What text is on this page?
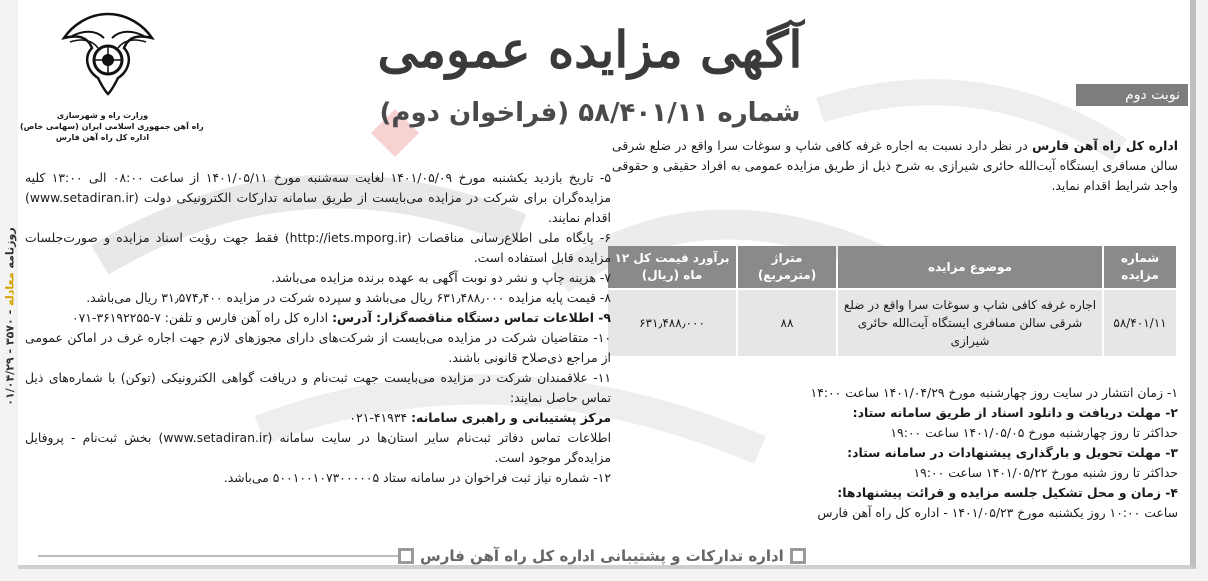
وزارت راه و شهرسازی
راه آهن جمهوری اسلامی ایران (سهامی خاص)
اداره کل راه آهن فارس
آگهی مزایده عمومی
شماره ۵۸/۴۰۱/۱۱ (فراخوان دوم)
نوبت دوم
روزنامه معادله - ۳۵۷۰ - ۰۱/۰۴/۲۹

اداره کل راه آهن فارس در نظر دارد نسبت به اجاره غرفه کافی شاپ و سوغات سرا واقع در ضلع شرقی سالن مسافری ایستگاه آیت‌الله حائری شیرازی به شرح ذیل از طریق مزایده عمومی به افراد حقیقی و حقوقی واجد شرایط اقدام نماید.

شماره مزایده	موضوع مزایده	متراژ (مترمربع)	برآورد قیمت کل ۱۲ ماه (ریال)
۵۸/۴۰۱/۱۱	اجاره غرفه کافی شاپ و سوغات سرا واقع در ضلع شرقی سالن مسافری ایستگاه آیت‌الله حائری شیرازی	۸۸	۶۳۱٫۴۸۸٫۰۰۰

۱- زمان انتشار در سایت روز چهارشنبه مورخ ۱۴۰۱/۰۴/۲۹ ساعت ۱۴:۰۰

۲- مهلت دریافت و دانلود اسناد از طریق سامانه ستاد:

حداکثر تا روز چهارشنبه مورخ ۱۴۰۱/۰۵/۰۵ ساعت ۱۹:۰۰

۳- مهلت تحویل و بارگذاری پیشنهادات در سامانه ستاد:

حداکثر تا روز شنبه مورخ ۱۴۰۱/۰۵/۲۲ ساعت ۱۹:۰۰

۴- زمان و محل تشکیل جلسه مزایده و قرائت پیشنهادها:

ساعت ۱۰:۰۰ روز یکشنبه مورخ ۱۴۰۱/۰۵/۲۳ - اداره کل راه آهن فارس

۵- تاریخ بازدید یکشنبه مورخ ۱۴۰۱/۰۵/۰۹ لغایت سه‌شنبه مورخ ۱۴۰۱/۰۵/۱۱ از ساعت ۰۸:۰۰ الی ۱۳:۰۰ کلیه مزایده‌گران برای شرکت در مزایده می‌بایست از طریق سامانه تدارکات الکترونیکی دولت (www.setadiran.ir) اقدام نمایند.

۶- پایگاه ملی اطلاع‌رسانی مناقصات (http://iets.mporg.ir) فقط جهت رؤیت اسناد مزایده و صورت‌جلسات مزایده قابل استفاده است.

۷- هزینه چاپ و نشر دو نوبت آگهی به عهده برنده مزایده می‌باشد.

۸- قیمت پایه مزایده ۶۳۱٫۴۸۸٫۰۰۰ ریال می‌باشد و سپرده شرکت در مزایده ۳۱٫۵۷۴٫۴۰۰ ریال می‌باشد.

۹- اطلاعات تماس دستگاه مناقصه‌گزار: آدرس: اداره کل راه آهن فارس و تلفن: ۷-۳۶۱۹۲۲۵۵-۰۷۱

۱۰- متقاضیان شرکت در مزایده می‌بایست از شرکت‌های دارای مجوزهای لازم جهت اجاره غرف در اماکن عمومی از مراجع ذی‌صلاح قانونی باشند.

۱۱- علاقمندان شرکت در مزایده می‌بایست جهت ثبت‌نام و دریافت گواهی الکترونیکی (توکن) با شماره‌های ذیل تماس حاصل نمایند:

مرکز پشتیبانی و راهبری سامانه: ۴۱۹۳۴-۰۲۱

اطلاعات تماس دفاتر ثبت‌نام سایر استان‌ها در سایت سامانه (www.setadiran.ir) بخش ثبت‌نام - پروفایل مزایده‌گر موجود است.

۱۲- شماره نیاز ثبت فراخوان در سامانه ستاد ۵۰۰۱۰۰۱۰۷۳۰۰۰۰۰۵ می‌باشد.

اداره تدارکات و پشتیبانی اداره کل راه آهن فارس
